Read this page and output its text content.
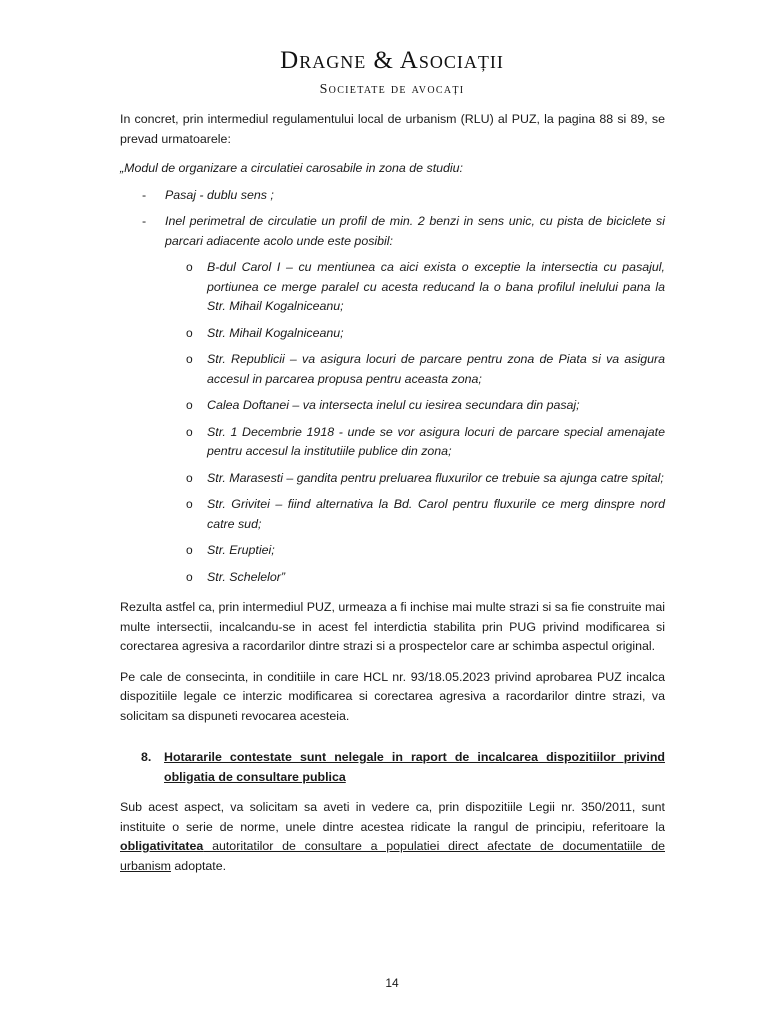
Dragne & Asociații
Societate de avocați

In concret, prin intermediul regulamentului local de urbanism (RLU) al PUZ, la pagina 88 si 89, se prevad urmatoarele:

„Modul de organizare a circulatiei carosabile in zona de studiu:

-	Pasaj - dublu sens ;
-	Inel perimetral de circulatie un profil de min. 2 benzi in sens unic, cu pista de biciclete si parcari adiacente acolo unde este posibil:
o	B-dul Carol I – cu mentiunea ca aici exista o exceptie la intersectia cu pasajul, portiunea ce merge paralel cu acesta reducand la o bana profilul inelului pana la Str. Mihail Kogalniceanu;
o	Str. Mihail Kogalniceanu;
o	Str. Republicii – va asigura locuri de parcare pentru zona de Piata si va asigura accesul in parcarea propusa pentru aceasta zona;
o	Calea Doftanei – va intersecta inelul cu iesirea secundara din pasaj;
o	Str. 1 Decembrie 1918 - unde se vor asigura locuri de parcare special amenajate pentru accesul la institutiile publice din zona;
o	Str. Marasesti – gandita pentru preluarea fluxurilor ce trebuie sa ajunga catre spital;
o	Str. Grivitei – fiind alternativa la Bd. Carol pentru fluxurile ce merg dinspre nord catre sud;
o	Str. Eruptiei;
o	Str. Schelelor”

Rezulta astfel ca, prin intermediul PUZ, urmeaza a fi inchise mai multe strazi si sa fie construite mai multe intersectii, incalcandu-se in acest fel interdictia stabilita prin PUG privind modificarea si corectarea agresiva a racordarilor dintre strazi si a prospectelor care ar schimba aspectul original.

Pe cale de consecinta, in conditiile in care HCL nr. 93/18.05.2023 privind aprobarea PUZ incalca dispozitiile legale ce interzic modificarea si corectarea agresiva a racordarilor dintre strazi, va solicitam sa dispuneti revocarea acesteia.

8.	Hotararile contestate sunt nelegale in raport de incalcarea dispozitiilor privind obligatia de consultare publica

Sub acest aspect, va solicitam sa aveti in vedere ca, prin dispozitiile Legii nr. 350/2011, sunt instituite o serie de norme, unele dintre acestea ridicate la rangul de principiu, referitoare la obligativitatea autoritatilor de consultare a populatiei direct afectate de documentatiile de urbanism adoptate.

14
